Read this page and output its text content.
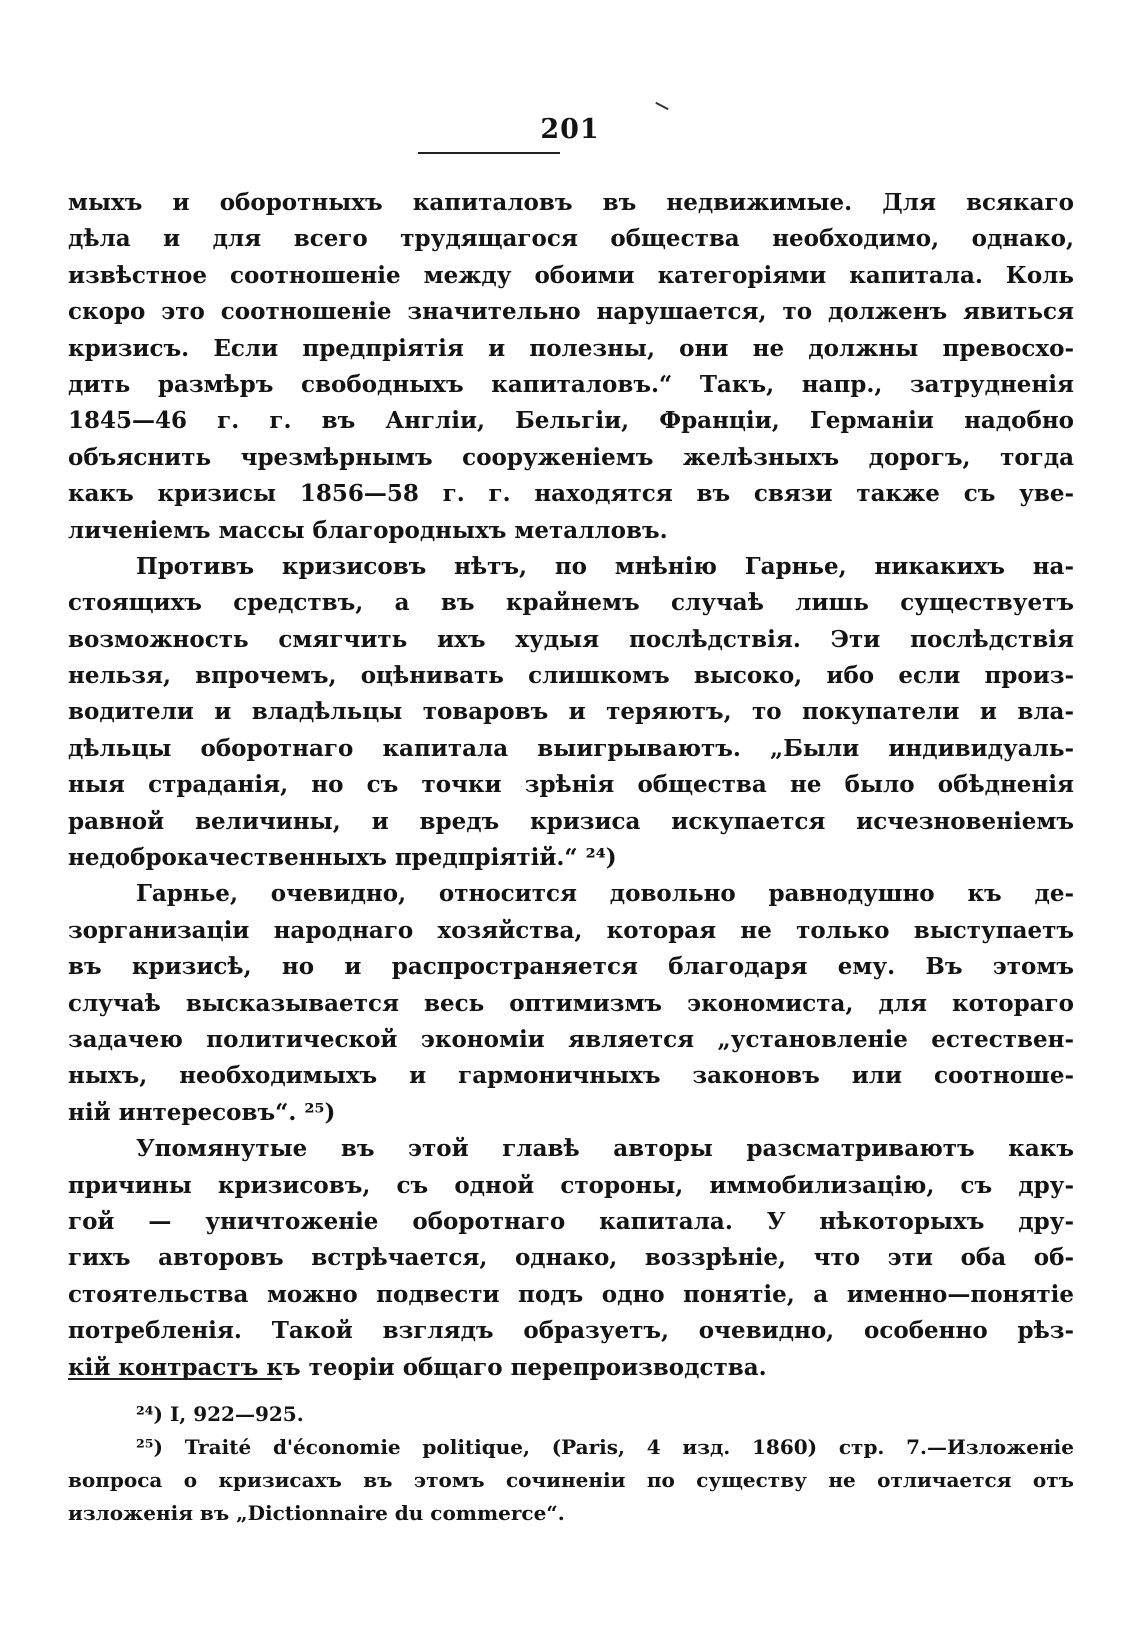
201
мыхъ и оборотныхъ капиталовъ въ недвижимые. Для всякаго
дѣла и для всего трудящагося общества необходимо, однако,
извѣстное соотношеніе между обоими категоріями капитала. Коль
скоро это соотношеніе значительно нарушается, то долженъ явиться
кризисъ. Если предпріятія и полезны, они не должны превосхо-
дить размѣръ свободныхъ капиталовъ.“ Такъ, напр., затрудненія
1845—46 г. г. въ Англіи, Бельгіи, Франціи, Германіи надобно
объяснить чрезмѣрнымъ сооруженіемъ желѣзныхъ дорогъ, тогда
какъ кризисы 1856—58 г. г. находятся въ связи также съ уве-
личеніемъ массы благородныхъ металловъ.
Противъ кризисовъ нѣтъ, по мнѣнію Гарнье, никакихъ на-
стоящихъ средствъ, а въ крайнемъ случаѣ лишь существуетъ
возможность смягчить ихъ худыя послѣдствія. Эти послѣдствія
нельзя, впрочемъ, оцѣнивать слишкомъ высоко, ибо если произ-
водители и владѣльцы товаровъ и теряютъ, то покупатели и вла-
дѣльцы оборотнаго капитала выигрываютъ. „Были индивидуаль-
ныя страданія, но съ точки зрѣнія общества не было обѣдненія
равной величины, и вредъ кризиса искупается исчезновеніемъ
недоброкачественныхъ предпріятій.“ ²⁴)
Гарнье, очевидно, относится довольно равнодушно къ де-
зорганизаціи народнаго хозяйства, которая не только выступаетъ
въ кризисѣ, но и распространяется благодаря ему. Въ этомъ
случаѣ высказывается весь оптимизмъ экономиста, для котораго
задачею политической экономіи является „установленіе естествен-
ныхъ, необходимыхъ и гармоничныхъ законовъ или соотноше-
ній интересовъ“. ²⁵)
Упомянутые въ этой главѣ авторы разсматриваютъ какъ
причины кризисовъ, съ одной стороны, иммобилизацію, съ дру-
гой — уничтоженіе оборотнаго капитала. У нѣкоторыхъ дру-
гихъ авторовъ встрѣчается, однако, воззрѣніе, что эти оба об-
стоятельства можно подвести подъ одно понятіе, а именно—понятіе
потребленія. Такой взглядъ образуетъ, очевидно, особенно рѣз-
кій контрастъ къ теоріи общаго перепроизводства.
²⁴) I, 922—925.
²⁵) Traité d'économie politique, (Paris, 4 изд. 1860) стр. 7.—Изложеніе
вопроса о кризисахъ въ этомъ сочиненіи по существу не отличается отъ
изложенія въ „Dictionnaire du commerce“.
